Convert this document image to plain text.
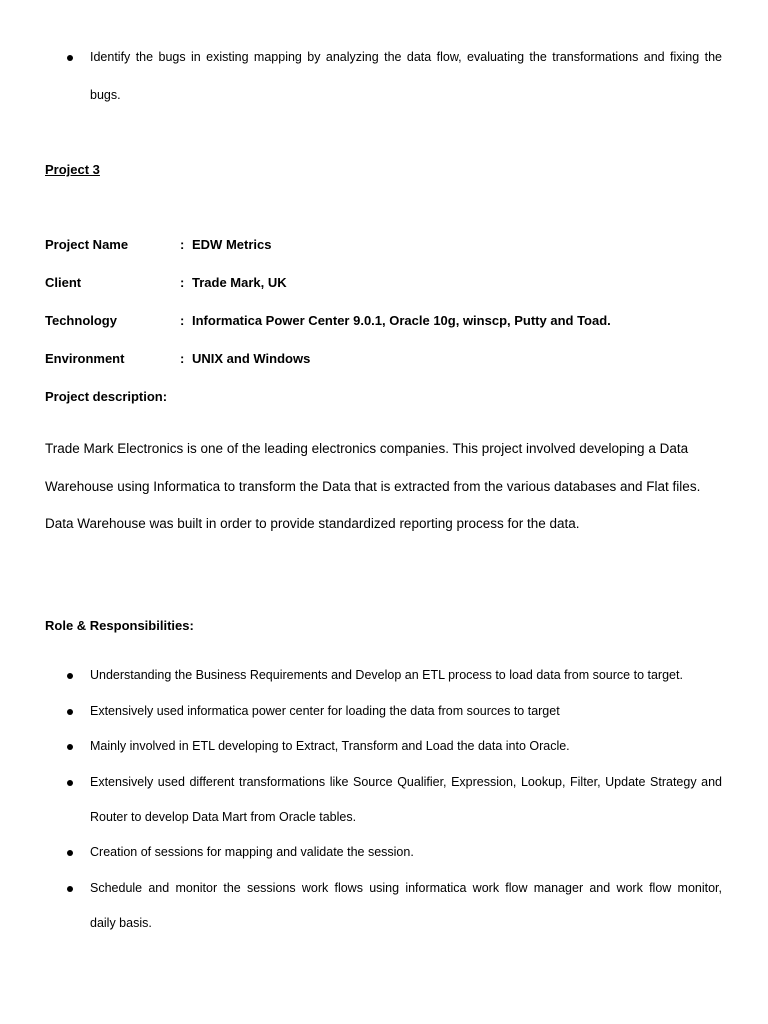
Identify the bugs in existing mapping by analyzing the data flow, evaluating the transformations and fixing the
bugs.
Project 3
Project Name	: EDW Metrics
Client	: Trade Mark, UK
Technology	: Informatica Power Center 9.0.1, Oracle 10g, winscp, Putty and Toad.
Environment	: UNIX and Windows
Project description:
Trade Mark Electronics is one of the leading electronics companies. This project involved developing a Data
Warehouse using Informatica to transform the Data that is extracted from the various databases and Flat files.
Data Warehouse was built in order to provide standardized reporting process for the data.
Role & Responsibilities:
Understanding the Business Requirements and Develop an ETL process to load data from source to target.
Extensively used informatica power center for loading the data from sources to target
Mainly involved in ETL developing to Extract, Transform and Load the data into Oracle.
Extensively used different transformations like Source Qualifier, Expression, Lookup, Filter, Update Strategy and
Router to develop Data Mart from Oracle tables.
Creation of sessions for mapping and validate the session.
Schedule and monitor the sessions work flows using informatica work flow manager and work flow monitor,
daily basis.
